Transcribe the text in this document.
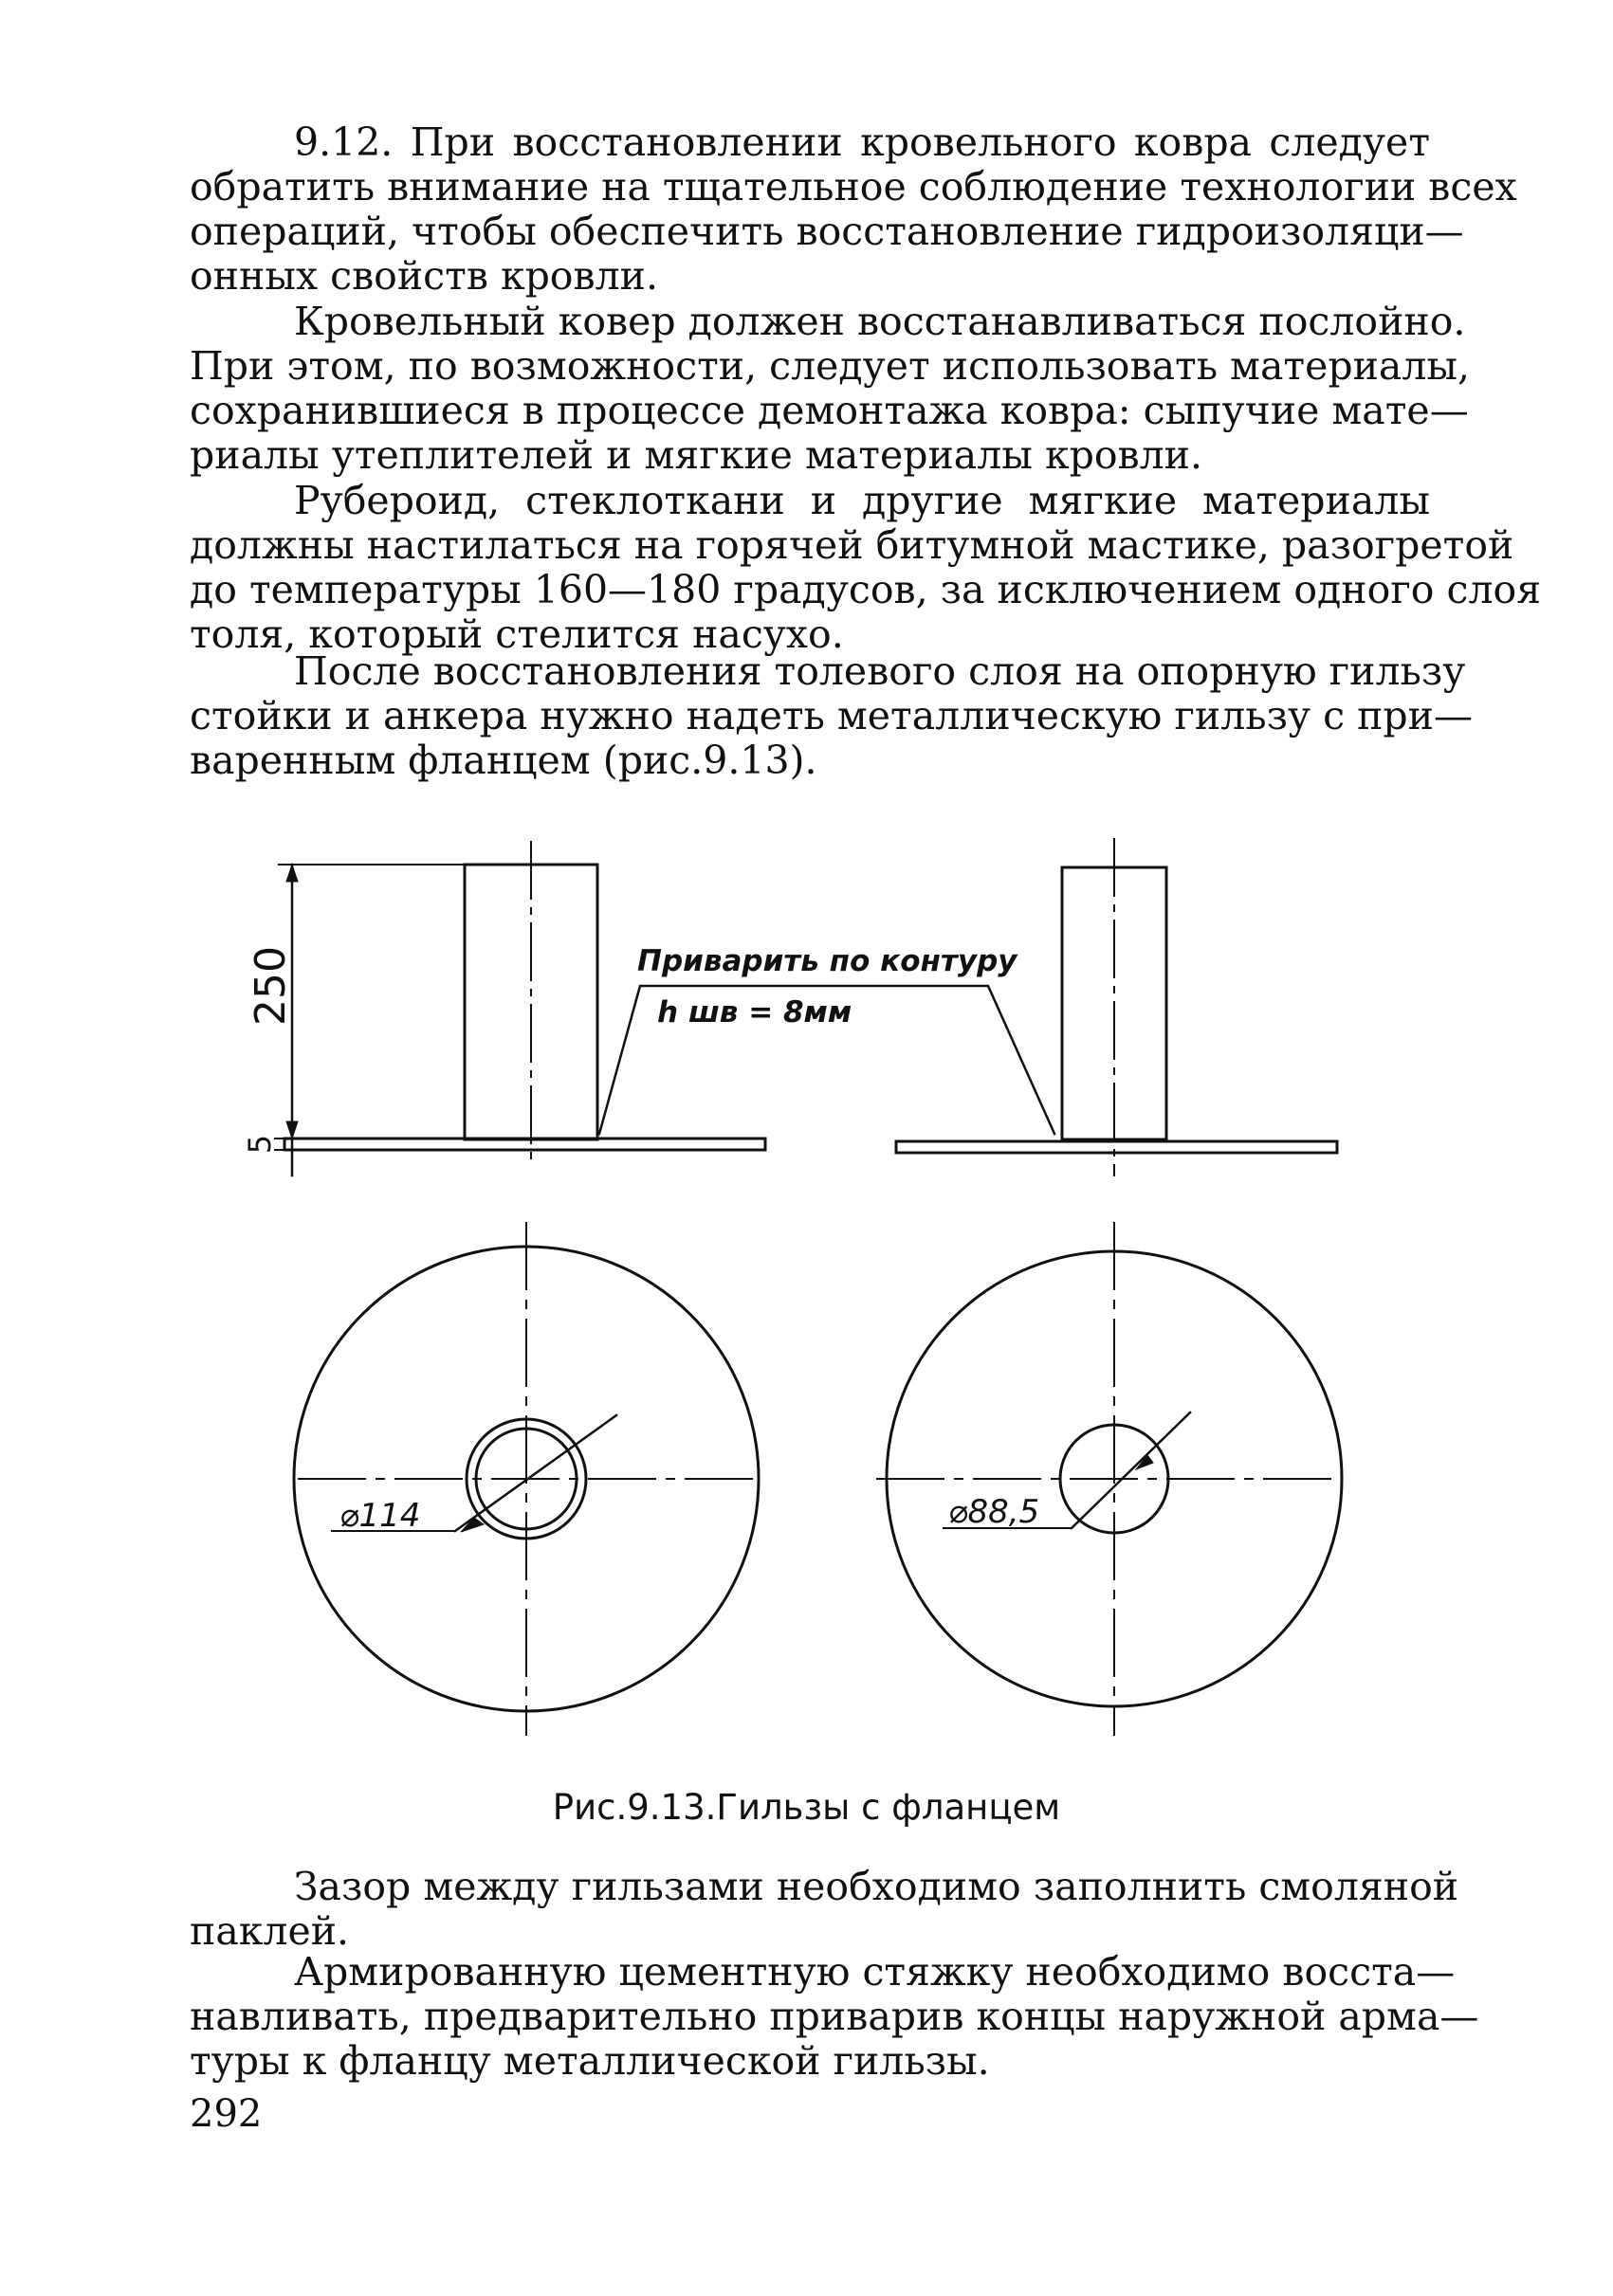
9.12. При восстановлении кровельного ковра следует
обратить внимание на тщательное соблюдение технологии всех
операций, чтобы обеспечить восстановление гидроизоляци—
онных свойств кровли.
Кровельный ковер должен восстанавливаться послойно.
При этом, по возможности, следует использовать материалы,
сохранившиеся в процессе демонтажа ковра: сыпучие мате—
риалы утеплителей и мягкие материалы кровли.
Рубероид, стеклоткани и другие мягкие материалы
должны настилаться на горячей битумной мастике, разогретой
до температуры 160—180 градусов, за исключением одного слоя
толя, который стелится насухо.
После восстановления толевого слоя на опорную гильзу
стойки и анкера нужно надеть металлическую гильзу с при—
варенным фланцем (рис.9.13).
250
5
Приварить по контуру
h шв = 8мм
⌀114	⌀88,5
Рис.9.13.Гильзы с фланцем
Зазор между гильзами необходимо заполнить смоляной
паклей.
Армированную цементную стяжку необходимо восста—
навливать, предварительно приварив концы наружной арма—
туры к фланцу металлической гильзы.
292
